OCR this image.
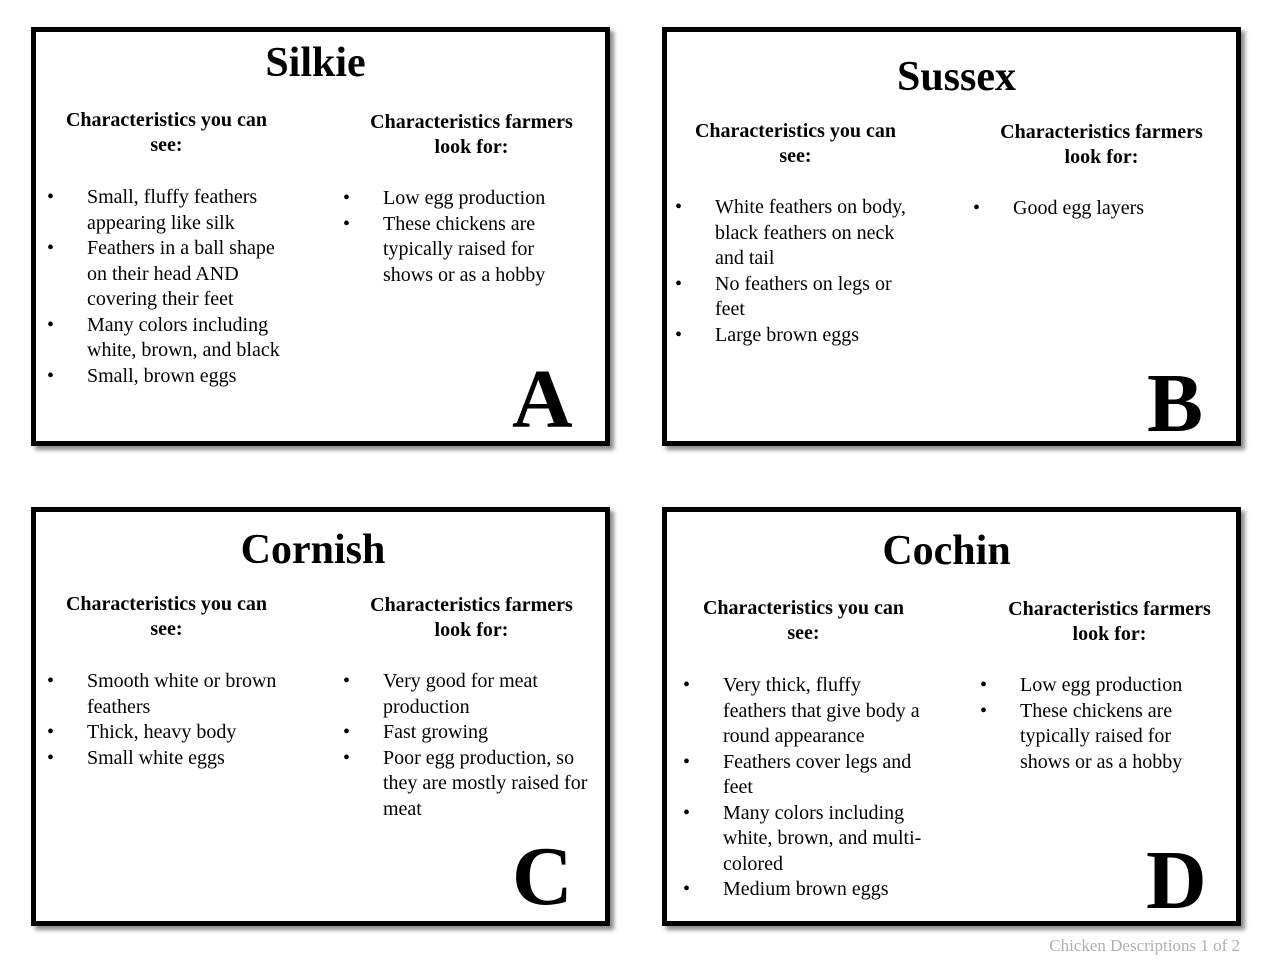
Silkie
Characteristics you can see:
Characteristics farmers look for:
• Small, fluffy feathers appearing like silk
• Feathers in a ball shape on their head AND covering their feet
• Many colors including white, brown, and black
• Small, brown eggs
• Low egg production
• These chickens are typically raised for shows or as a hobby
A
Sussex
Characteristics you can see:
Characteristics farmers look for:
• White feathers on body, black feathers on neck and tail
• No feathers on legs or feet
• Large brown eggs
• Good egg layers
B
Cornish
Characteristics you can see:
Characteristics farmers look for:
• Smooth white or brown feathers
• Thick, heavy body
• Small white eggs
• Very good for meat production
• Fast growing
• Poor egg production, so they are mostly raised for meat
C
Cochin
Characteristics you can see:
Characteristics farmers look for:
• Very thick, fluffy feathers that give body a round appearance
• Feathers cover legs and feet
• Many colors including white, brown, and multi-colored
• Medium brown eggs
• Low egg production
• These chickens are typically raised for shows or as a hobby
D
Chicken Descriptions 1 of 2
